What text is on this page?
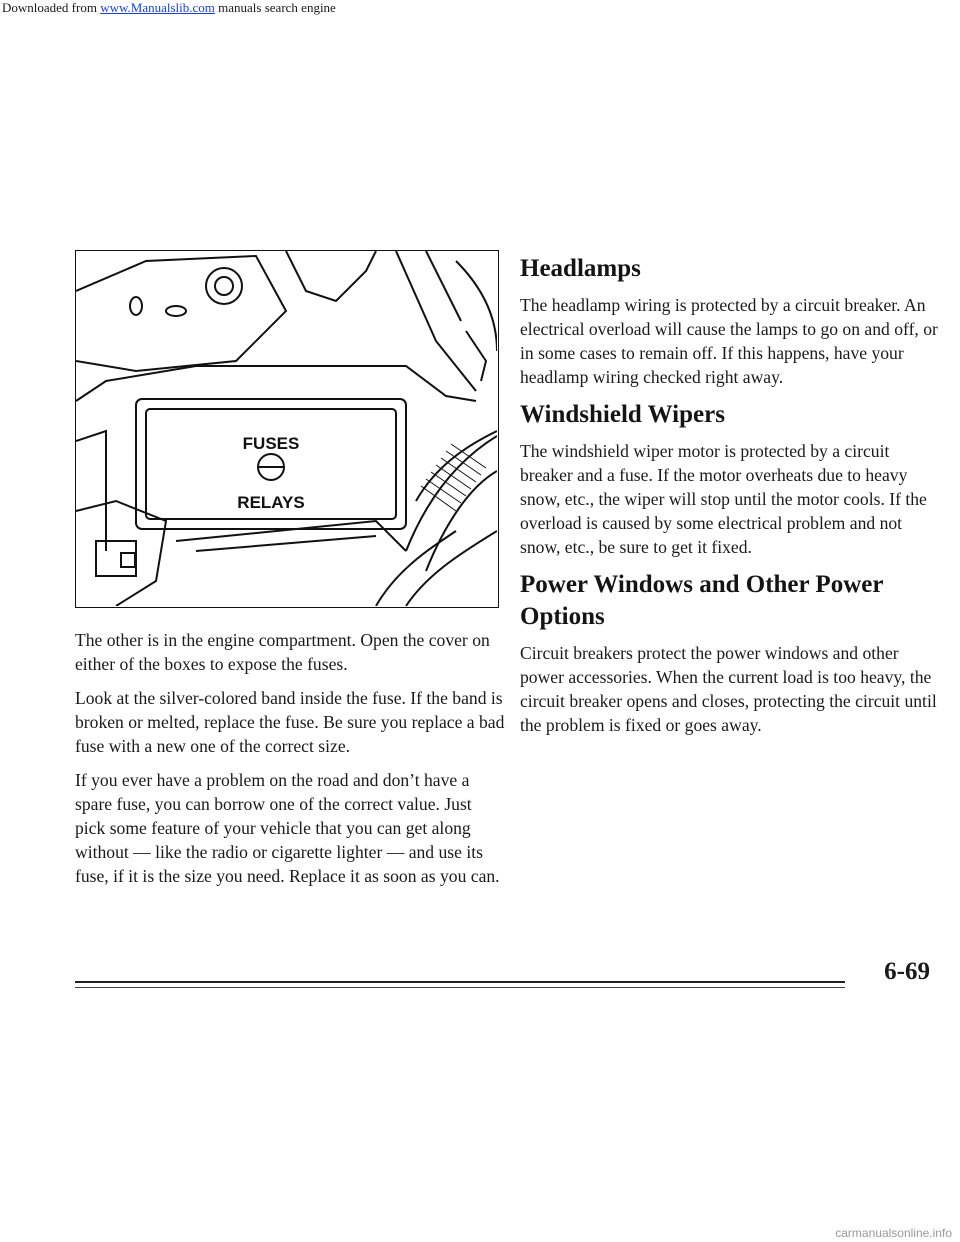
Downloaded from www.Manualslib.com manuals search engine
FUSES
RELAYS

The other is in the engine compartment. Open the cover on either of the boxes to expose the fuses.

Look at the silver-colored band inside the fuse. If the band is broken or melted, replace the fuse. Be sure you replace a bad fuse with a new one of the correct size.

If you ever have a problem on the road and don’t have a spare fuse, you can borrow one of the correct value. Just pick some feature of your vehicle that you can get along without — like the radio or cigarette lighter — and use its fuse, if it is the size you need. Replace it as soon as you can.

Headlamps

The headlamp wiring is protected by a circuit breaker. An electrical overload will cause the lamps to go on and off, or in some cases to remain off. If this happens, have your headlamp wiring checked right away.

Windshield Wipers

The windshield wiper motor is protected by a circuit breaker and a fuse. If the motor overheats due to heavy snow, etc., the wiper will stop until the motor cools. If the overload is caused by some electrical problem and not snow, etc., be sure to get it fixed.

Power Windows and Other Power Options

Circuit breakers protect the power windows and other power accessories. When the current load is too heavy, the circuit breaker opens and closes, protecting the circuit until the problem is fixed or goes away.

6-69
carmanualsonline.info
